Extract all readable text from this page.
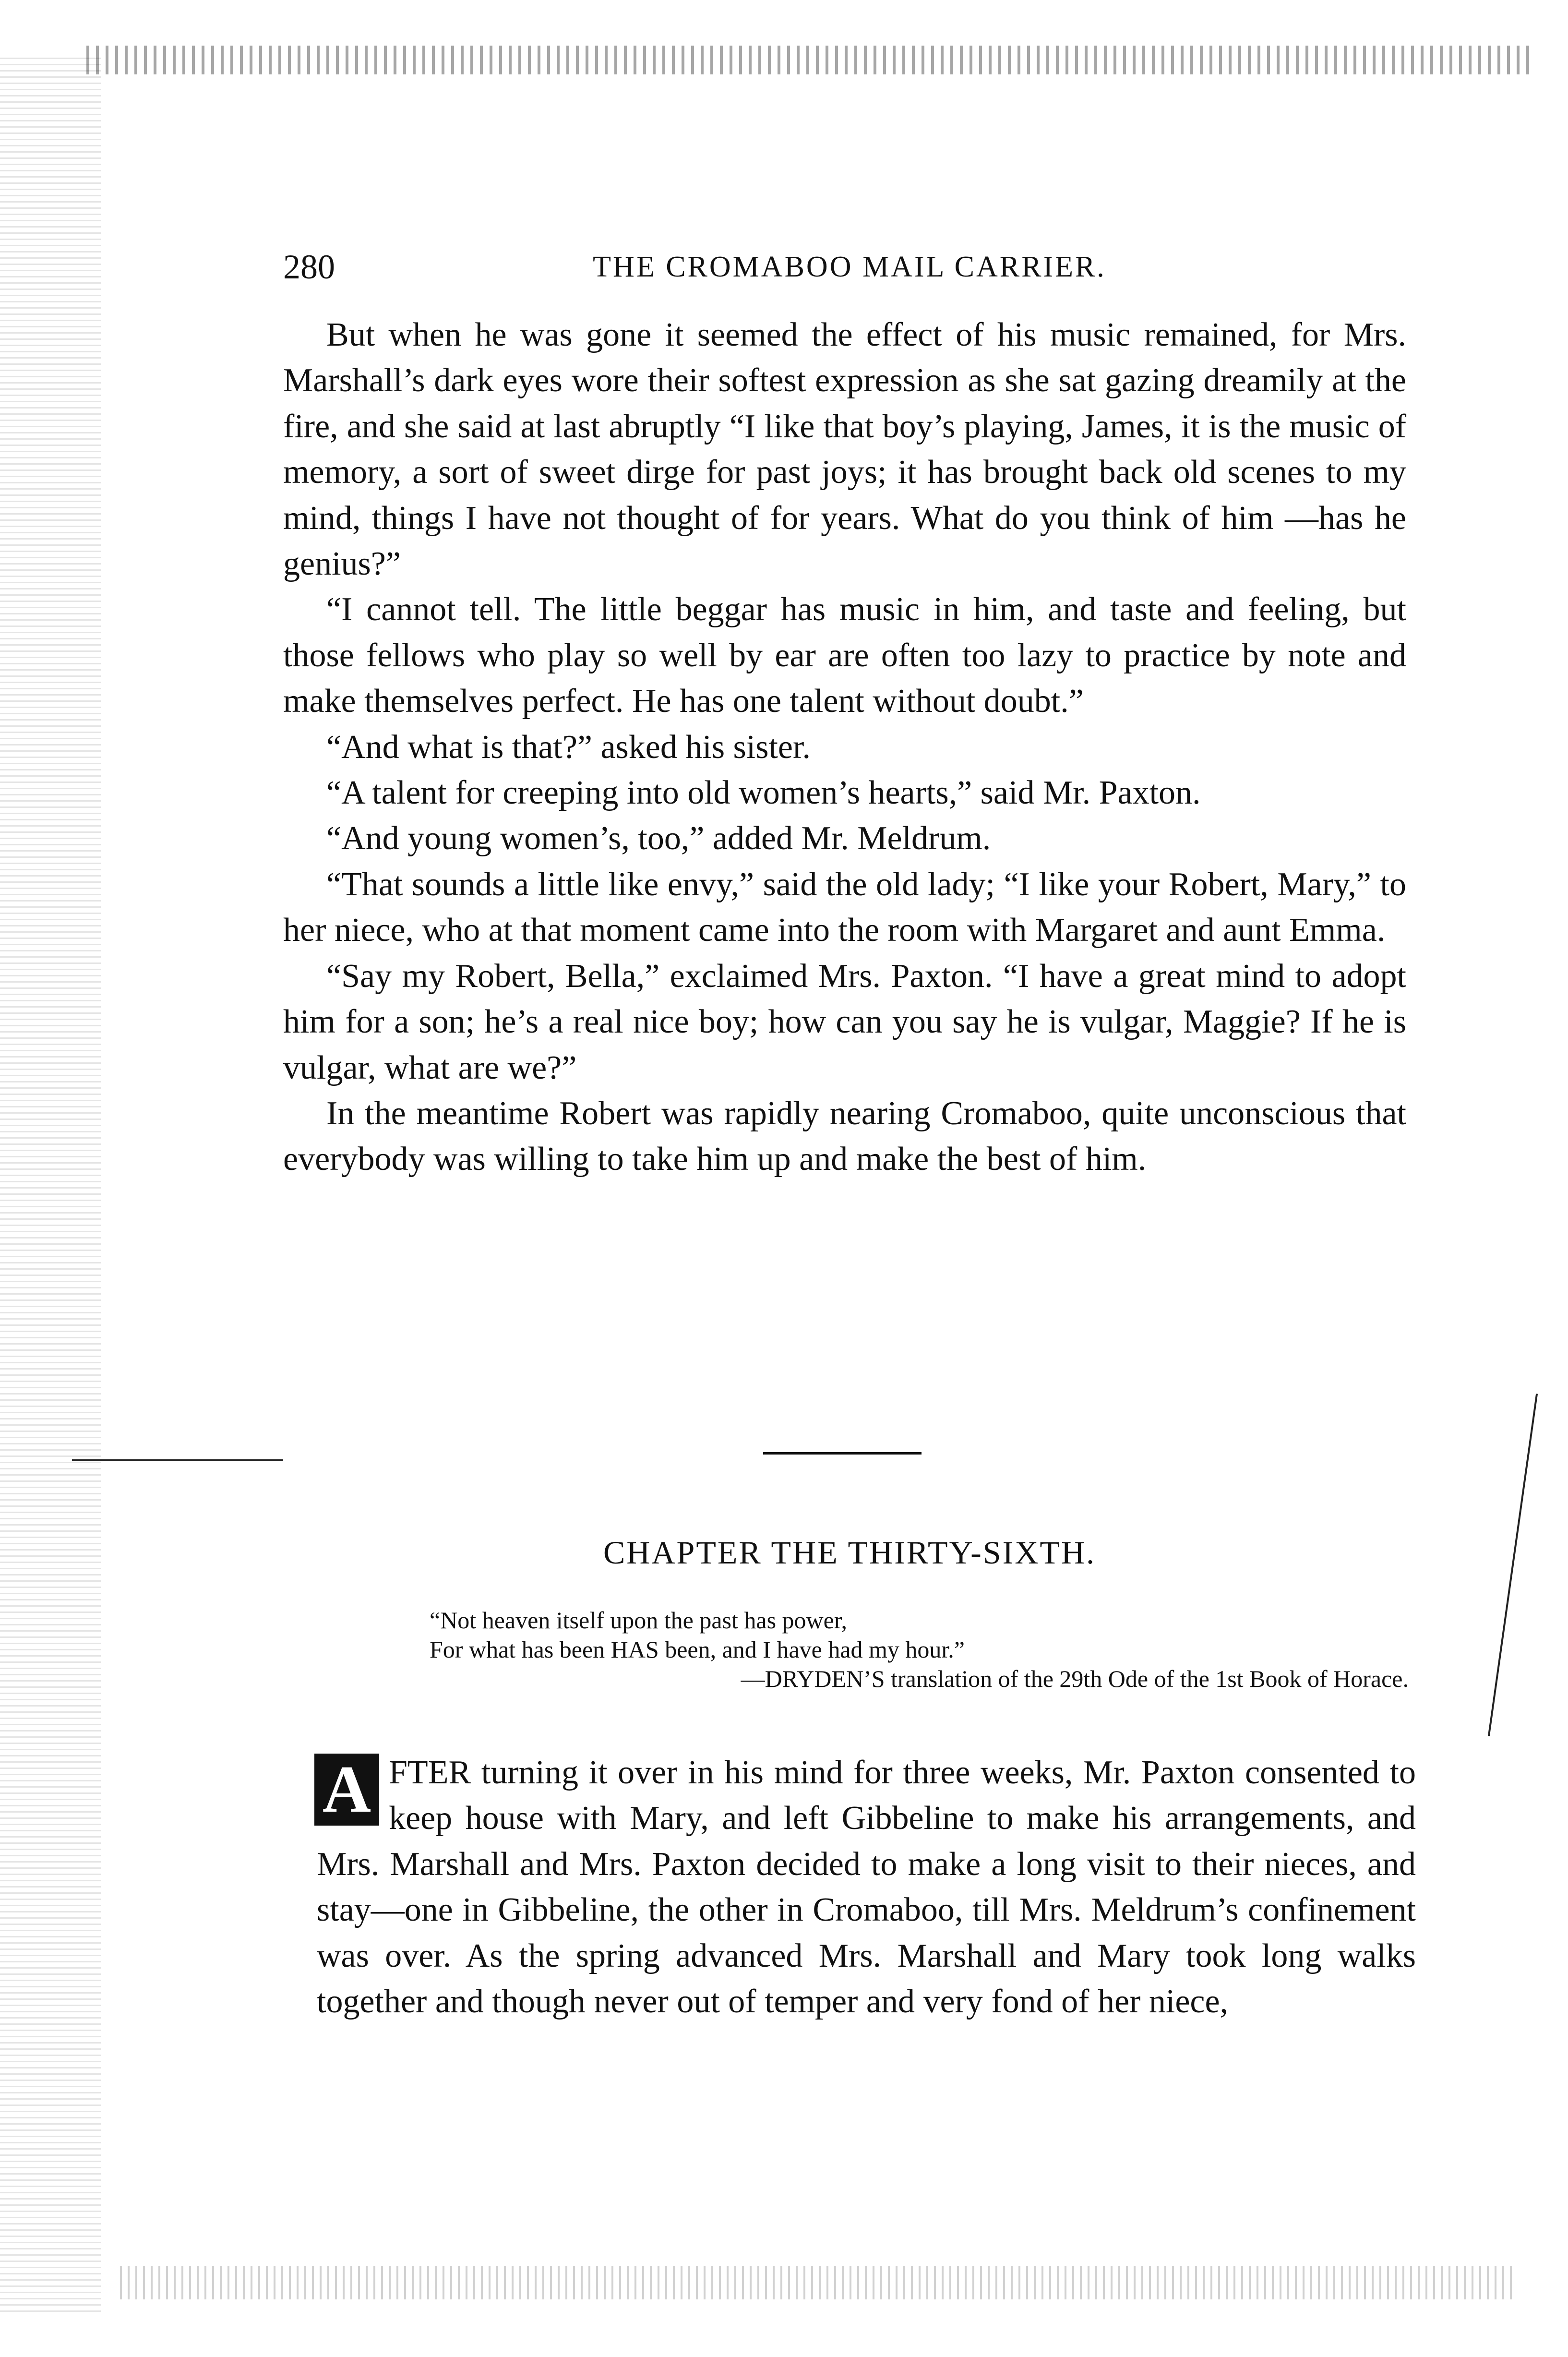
280	THE CROMABOO MAIL CARRIER.

But when he was gone it seemed the effect of his music remained, for Mrs. Marshall’s dark eyes wore their softest expression as she sat gazing dreamily at the fire, and she said at last abruptly “I like that boy’s playing, James, it is the music of memory, a sort of sweet dirge for past joys; it has brought back old scenes to my mind, things I have not thought of for years. What do you think of him —has he genius?”

“I cannot tell. The little beggar has music in him, and taste and feeling, but those fellows who play so well by ear are often too lazy to practice by note and make themselves perfect. He has one talent without doubt.”

“And what is that?” asked his sister.

“A talent for creeping into old women’s hearts,” said Mr. Paxton.

“And young women’s, too,” added Mr. Meldrum.

“That sounds a little like envy,” said the old lady; “I like your Robert, Mary,” to her niece, who at that moment came into the room with Margaret and aunt Emma.

“Say my Robert, Bella,” exclaimed Mrs. Paxton. “I have a great mind to adopt him for a son; he’s a real nice boy; how can you say he is vulgar, Maggie? If he is vulgar, what are we?”

In the meantime Robert was rapidly nearing Cromaboo, quite unconscious that everybody was willing to take him up and make the best of him.

CHAPTER THE THIRTY-SIXTH.
“Not heaven itself upon the past has power,
For what has been HAS been, and I have had my hour.”
—DRYDEN’S translation of the 29th Ode of the 1st Book of Horace.
A FTER turning it over in his mind for three weeks, Mr. Paxton consented to keep house with Mary, and left Gibbeline to make his arrangements, and Mrs. Marshall and Mrs. Paxton decided to make a long visit to their nieces, and stay—one in Gibbeline, the other in Cromaboo, till Mrs. Meldrum’s confinement was over. As the spring advanced Mrs. Marshall and Mary took long walks together and though never out of temper and very fond of her niece,
